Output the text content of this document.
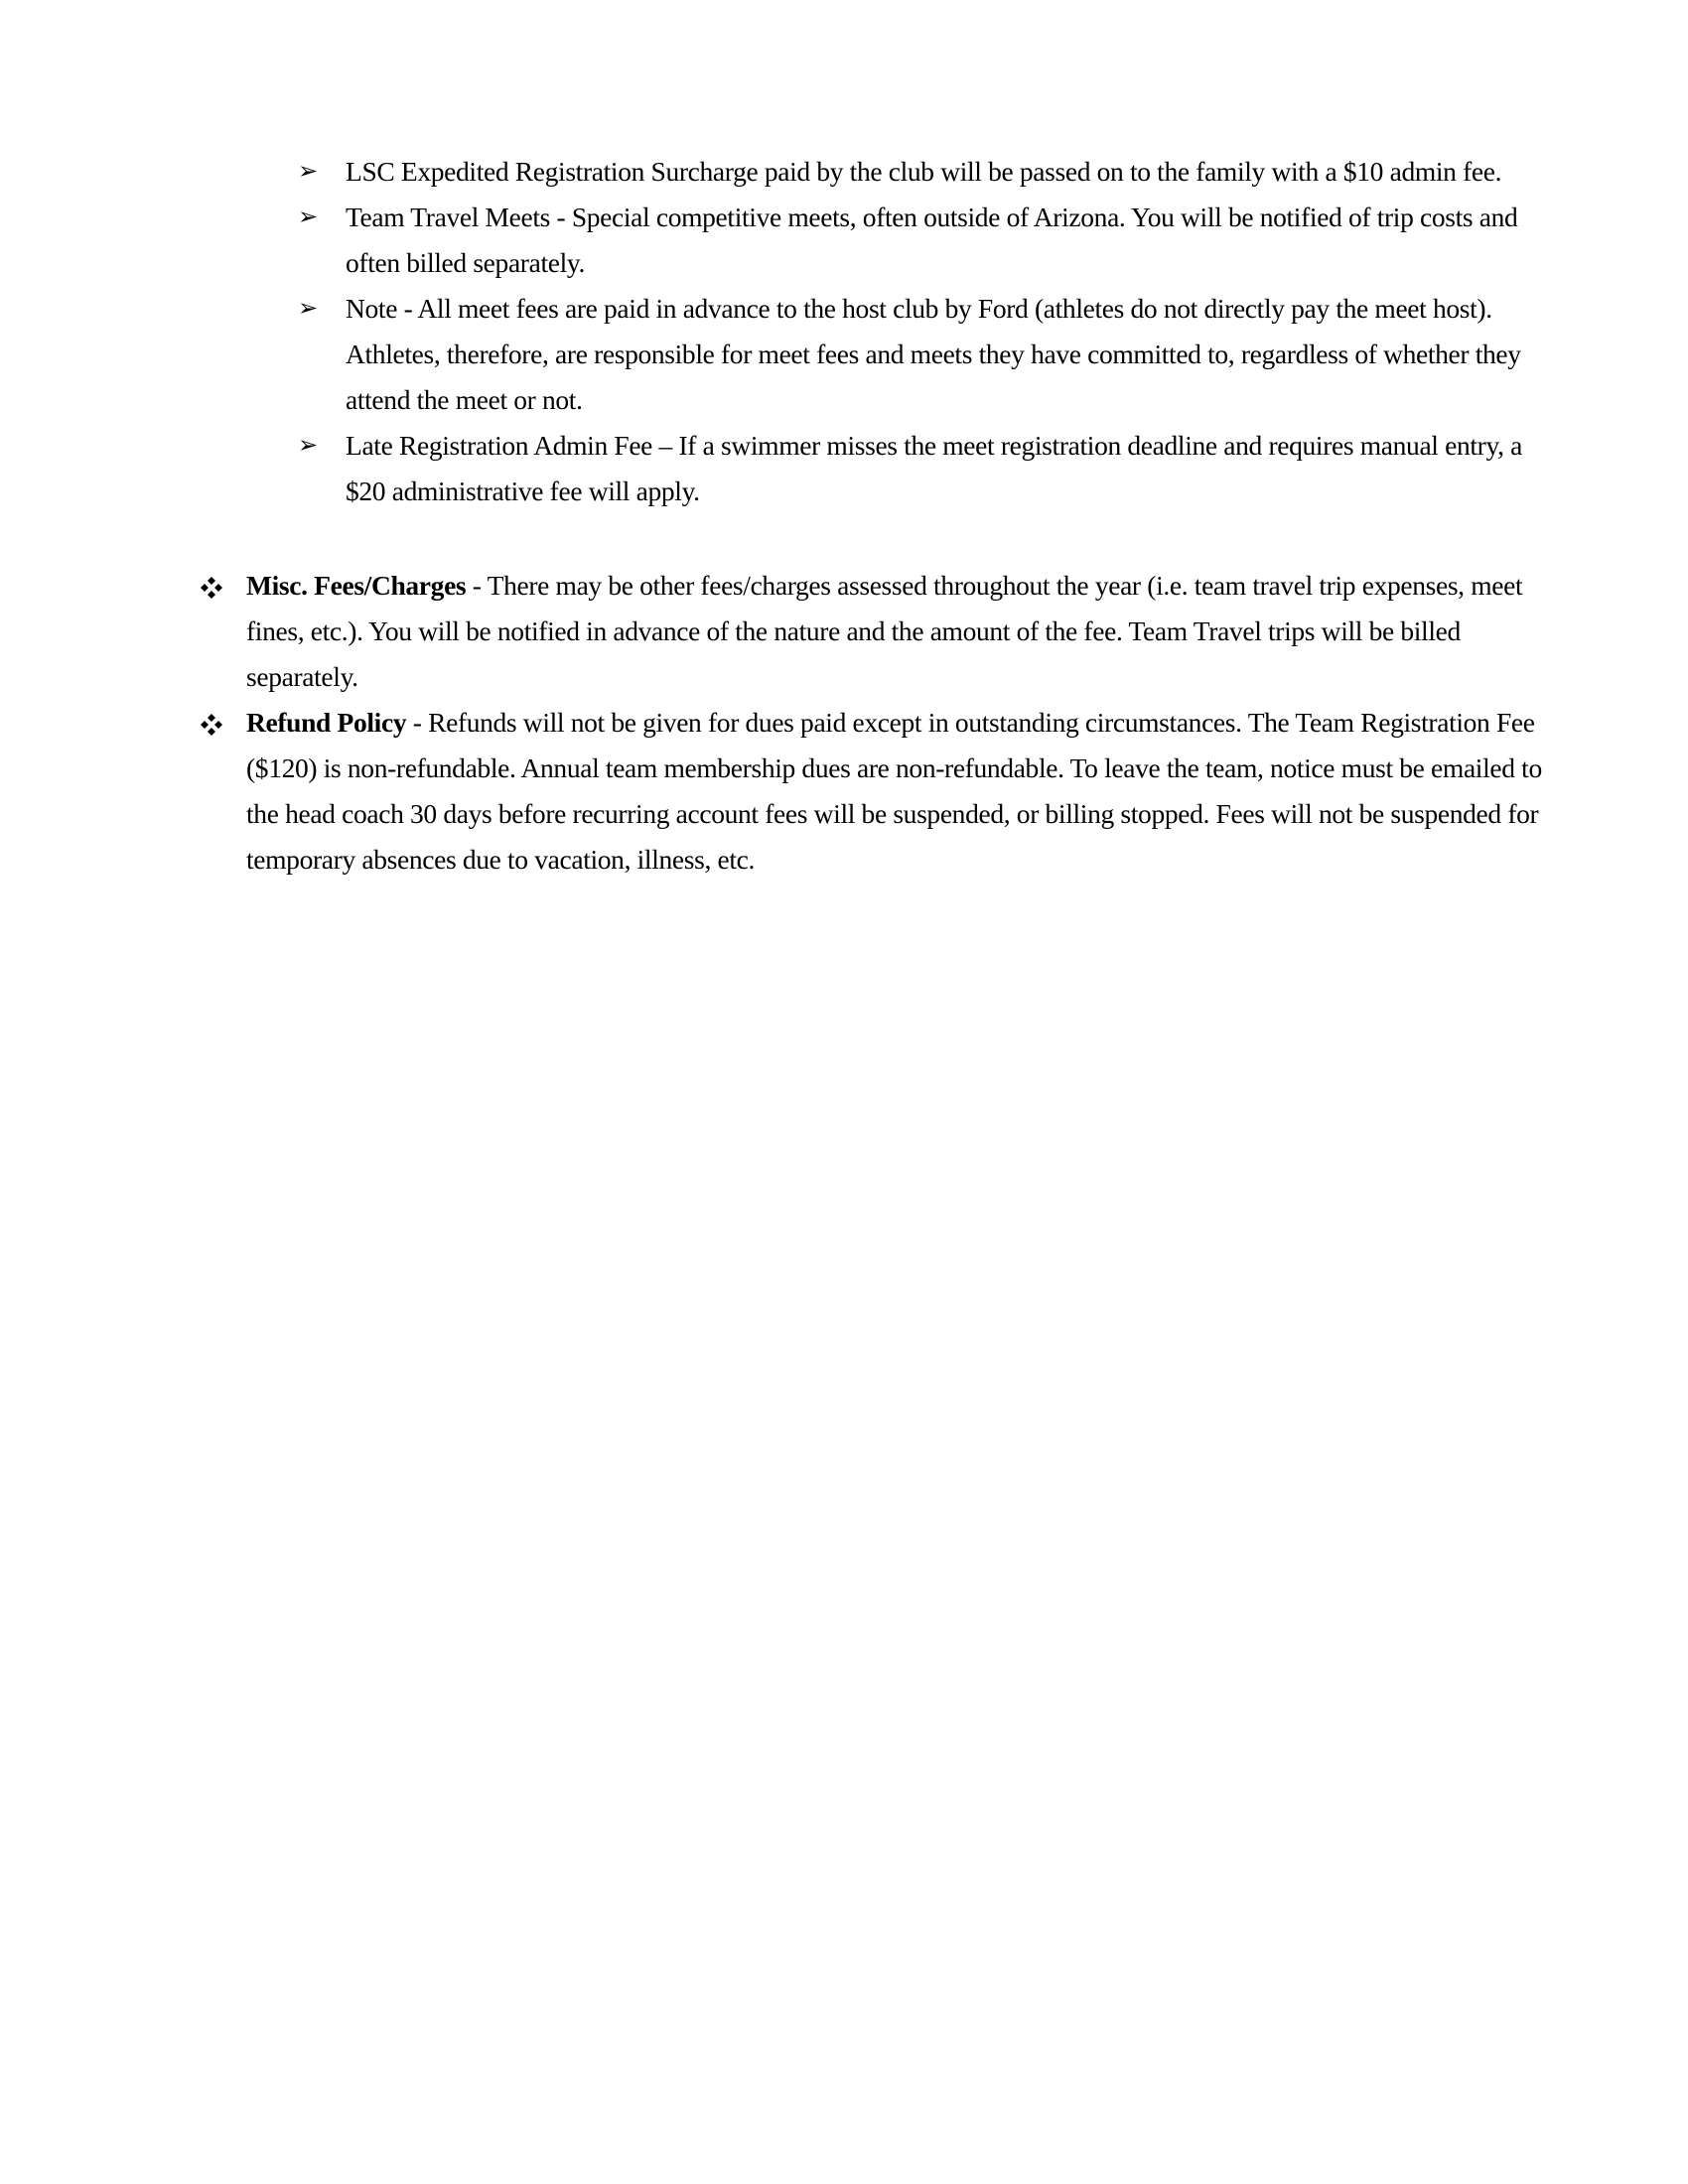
➢	LSC Expedited Registration Surcharge paid by the club will be passed on to the family with a $10 admin fee.
➢	Team Travel Meets - Special competitive meets, often outside of Arizona. You will be notified of trip costs and often billed separately.
➢	Note - All meet fees are paid in advance to the host club by Ford (athletes do not directly pay the meet host). Athletes, therefore, are responsible for meet fees and meets they have committed to, regardless of whether they attend the meet or not.
➢	Late Registration Admin Fee – If a swimmer misses the meet registration deadline and requires manual entry, a $20 administrative fee will apply.
Misc. Fees/Charges - There may be other fees/charges assessed throughout the year (i.e. team travel trip expenses, meet fines, etc.). You will be notified in advance of the nature and the amount of the fee. Team Travel trips will be billed separately.
Refund Policy - Refunds will not be given for dues paid except in outstanding circumstances. The Team Registration Fee ($120) is non-refundable. Annual team membership dues are non-refundable. To leave the team, notice must be emailed to the head coach 30 days before recurring account fees will be suspended, or billing stopped. Fees will not be suspended for temporary absences due to vacation, illness, etc.
